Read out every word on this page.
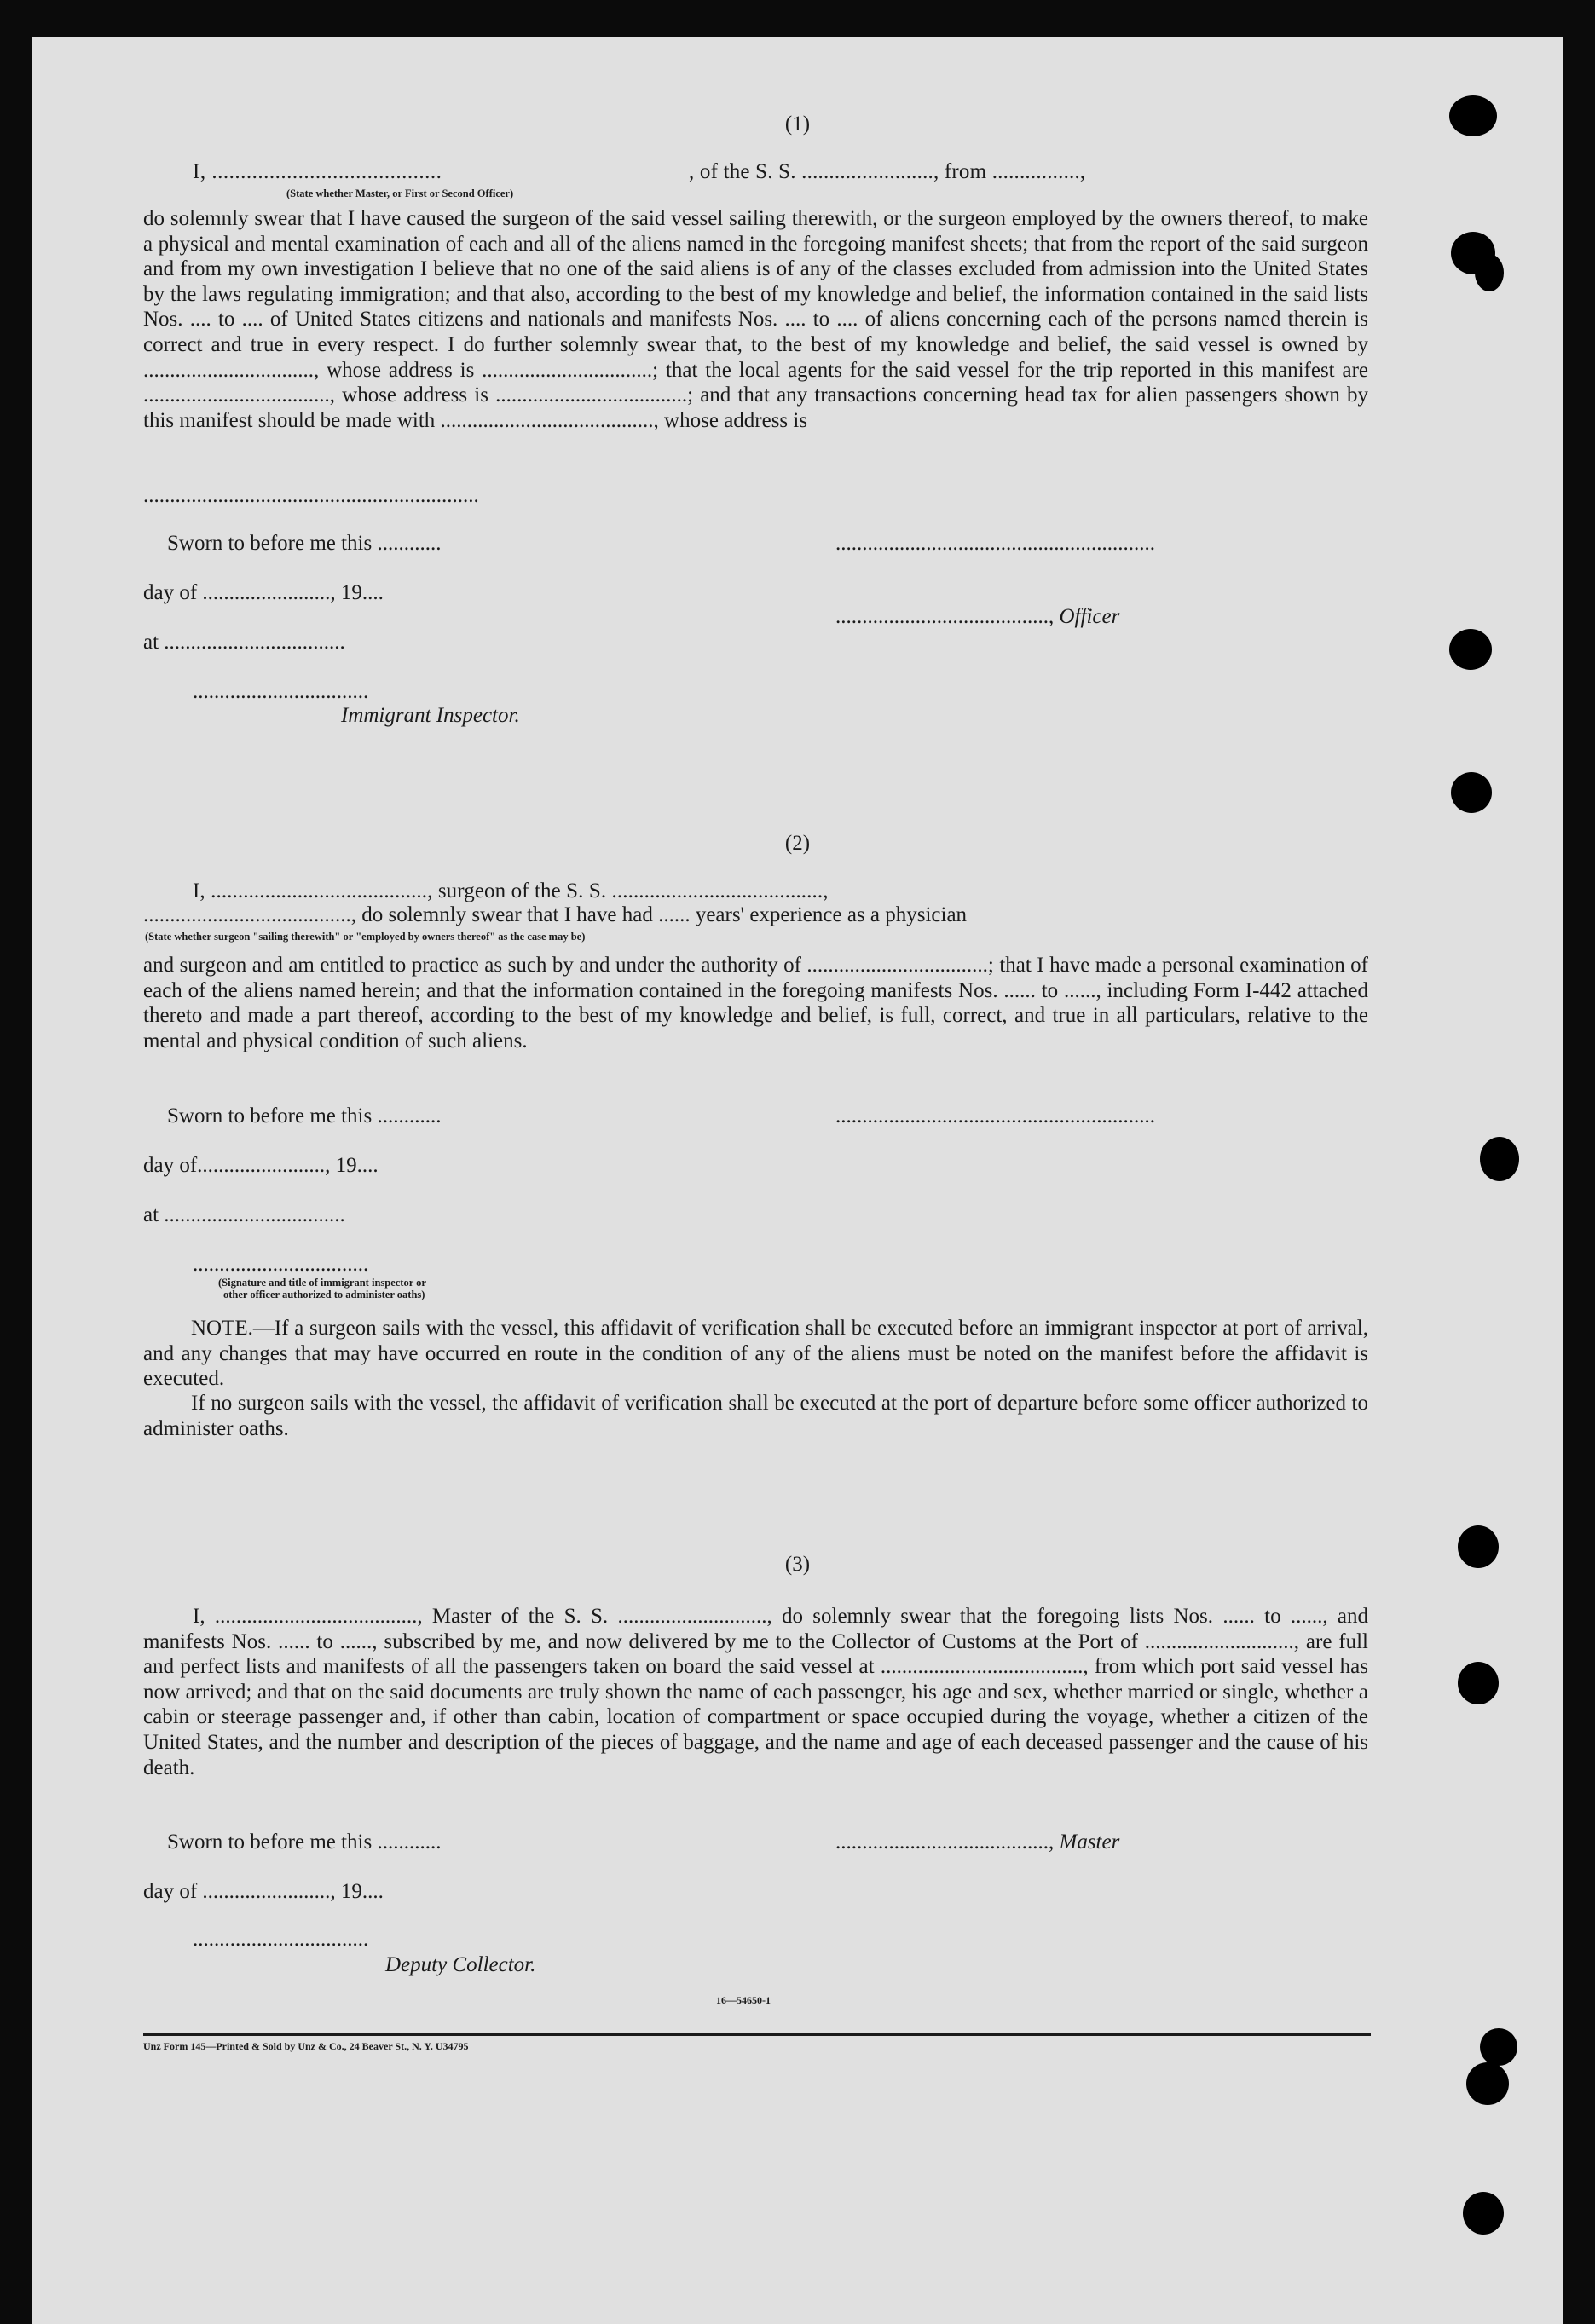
(1)
I, ........................................	, of the S. S. ........................, from ................,
(State whether Master, or First or Second Officer)
do solemnly swear that I have caused the surgeon of the said vessel sailing therewith, or the surgeon employed by the owners thereof, to make a physical and mental examination of each and all of the aliens named in the foregoing manifest sheets; that from the report of the said surgeon and from my own investigation I believe that no one of the said aliens is of any of the classes excluded from admission into the United States by the laws regulating immigration; and that also, according to the best of my knowledge and belief, the information contained in the said lists Nos. .... to .... of United States citizens and nationals and manifests Nos. .... to .... of aliens concerning each of the persons named therein is correct and true in every respect. I do further solemnly swear that, to the best of my knowledge and belief, the said vessel is owned by ................................, whose address is ................................; that the local agents for the said vessel for the trip reported in this manifest are ..................................., whose address is ....................................; and that any transactions concerning head tax for alien passengers shown by this manifest should be made with ........................................, whose address is
...............................................................
Sworn to before me this ............	............................................................
day of ........................, 19....
........................................, Officer
at ..................................
.................................
Immigrant Inspector.
(2)
I, ........................................, surgeon of the S. S. .......................................,
......................................., do solemnly swear that I have had ...... years' experience as a physician
(State whether surgeon "sailing therewith" or "employed by owners thereof" as the case may be)
and surgeon and am entitled to practice as such by and under the authority of ..................................; that I have made a personal examination of each of the aliens named herein; and that the information contained in the foregoing manifests Nos. ...... to ......, including Form I-442 attached thereto and made a part thereof, according to the best of my knowledge and belief, is full, correct, and true in all particulars, relative to the mental and physical condition of such aliens.
Sworn to before me this ............	............................................................
day of........................, 19....
at ..................................
.................................
(Signature and title of immigrant inspector or
other officer authorized to administer oaths)
NOTE.—If a surgeon sails with the vessel, this affidavit of verification shall be executed before an immigrant inspector at port of arrival, and any changes that may have occurred en route in the condition of any of the aliens must be noted on the manifest before the affidavit is executed.
If no surgeon sails with the vessel, the affidavit of verification shall be executed at the port of departure before some officer authorized to administer oaths.
(3)
I, ......................................, Master of the S. S. ............................, do solemnly swear that the foregoing lists Nos. ...... to ......, and manifests Nos. ...... to ......, subscribed by me, and now delivered by me to the Collector of Customs at the Port of ............................, are full and perfect lists and manifests of all the passengers taken on board the said vessel at ......................................, from which port said vessel has now arrived; and that on the said documents are truly shown the name of each passenger, his age and sex, whether married or single, whether a cabin or steerage passenger and, if other than cabin, location of compartment or space occupied during the voyage, whether a citizen of the United States, and the number and description of the pieces of baggage, and the name and age of each deceased passenger and the cause of his death.
Sworn to before me this ............	........................................, Master
day of ........................, 19....
.................................
Deputy Collector.
16—54650-1
Unz Form 145—Printed & Sold by Unz & Co., 24 Beaver St., N. Y. U34795
